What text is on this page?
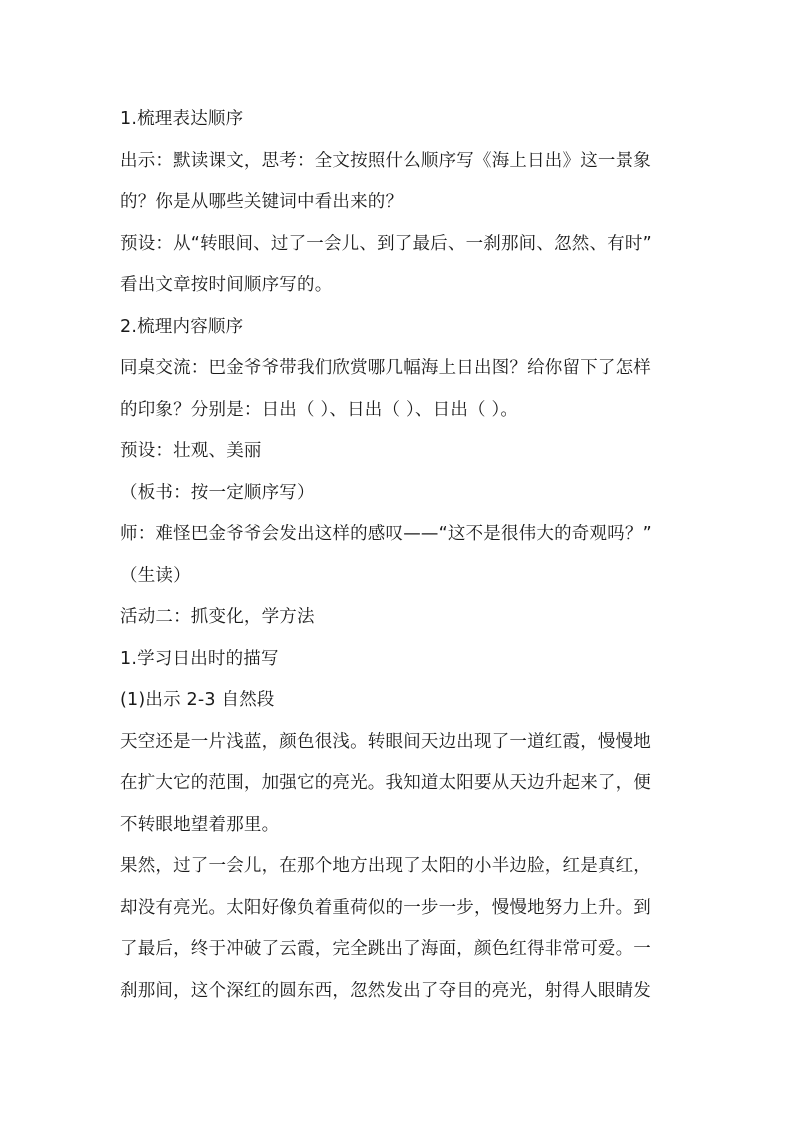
1.梳理表达顺序
出示：默读课文，思考：全文按照什么顺序写《海上日出》这一景象
的？你是从哪些关键词中看出来的？
预设：从“转眼间、过了一会儿、到了最后、一刹那间、忽然、有时”
看出文章按时间顺序写的。
2.梳理内容顺序
同桌交流：巴金爷爷带我们欣赏哪几幅海上日出图？给你留下了怎样
的印象？分别是：日出（ ）、日出（ ）、日出（ ）。
预设：壮观、美丽
（板书：按一定顺序写）
师：难怪巴金爷爷会发出这样的感叹——“这不是很伟大的奇观吗？”
（生读）
活动二：抓变化，学方法
1.学习日出时的描写
(1)出示 2-3 自然段
天空还是一片浅蓝，颜色很浅。转眼间天边出现了一道红霞，慢慢地
在扩大它的范围，加强它的亮光。我知道太阳要从天边升起来了，便
不转眼地望着那里。
果然，过了一会儿，在那个地方出现了太阳的小半边脸，红是真红，
却没有亮光。太阳好像负着重荷似的一步一步，慢慢地努力上升。到
了最后，终于冲破了云霞，完全跳出了海面，颜色红得非常可爱。一
刹那间，这个深红的圆东西，忽然发出了夺目的亮光，射得人眼睛发
